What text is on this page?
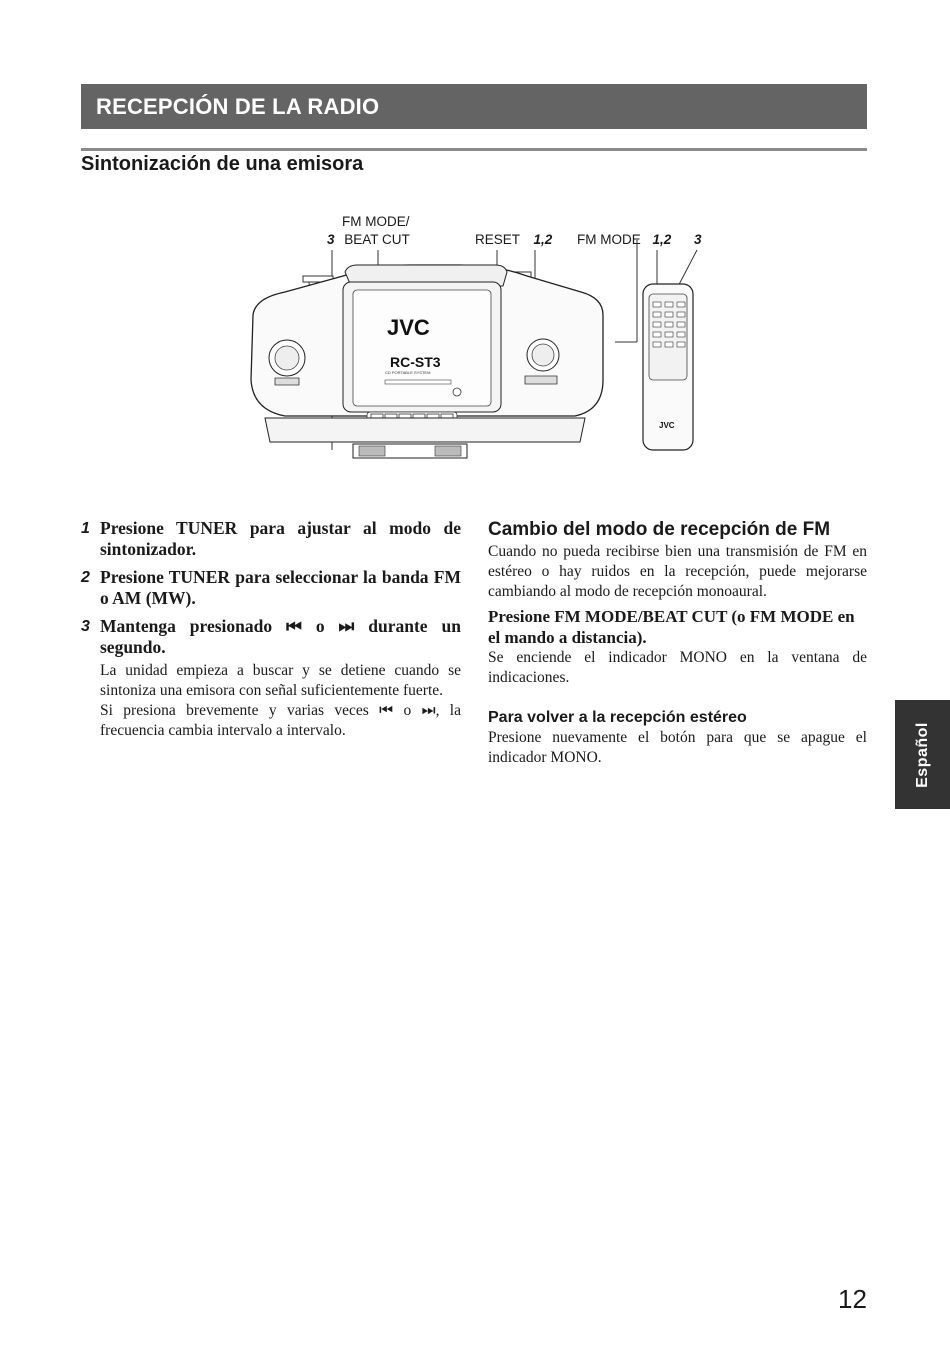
RECEPCIÓN DE LA RADIO
Sintonización de una emisora
FM MODE/
3 BEAT CUT	RESET 1,2 FM MODE 1,2 3
JVC
RC-ST3
CD PORTABLE SYSTEM
JVC
1 Presione TUNER para ajustar al modo de sintonizador.
2 Presione TUNER para seleccionar la banda FM o AM (MW).
3 Mantenga presionado ⏮ o ⏭ durante un segundo.
La unidad empieza a buscar y se detiene cuando se sintoniza una emisora con señal suficientemente fuerte.
Si presiona brevemente y varias veces ⏮ o ⏭, la frecuencia cambia intervalo a intervalo.
Cambio del modo de recepción de FM
Cuando no pueda recibirse bien una transmisión de FM en estéreo o hay ruidos en la recepción, puede mejorarse cambiando al modo de recepción monoaural.
Presione FM MODE/BEAT CUT (o FM MODE en el mando a distancia).
Se enciende el indicador MONO en la ventana de indicaciones.
Para volver a la recepción estéreo
Presione nuevamente el botón para que se apague el indicador MONO.	Español
12
